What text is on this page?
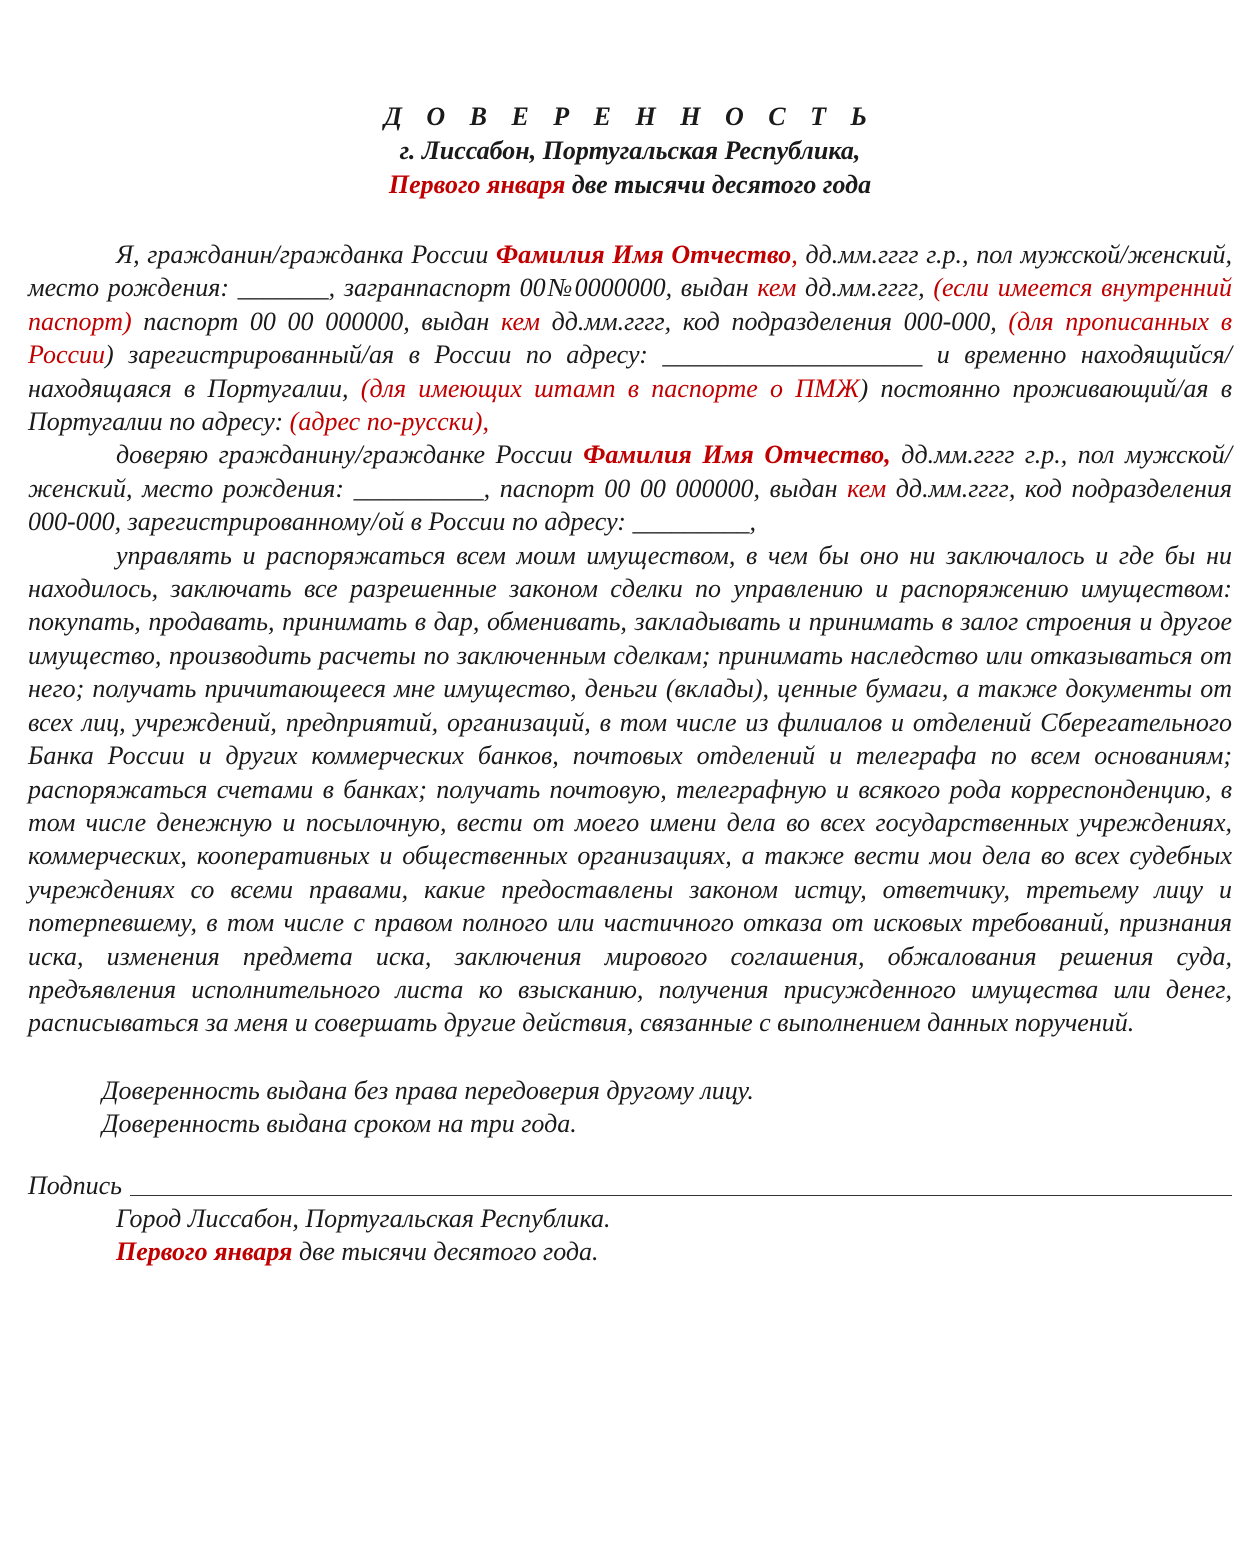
Д О В Е Р Е Н Н О С Т Ь
г. Лиссабон, Португальская Республика,
Первого января две тысячи десятого года

Я, гражданин/гражданка России Фамилия Имя Отчество, дд.мм.гггг г.р., пол мужской/женский, место рождения: _______, загранпаспорт 00№0000000, выдан кем дд.мм.гггг, (если имеется внутренний паспорт) паспорт 00 00 000000, выдан кем дд.мм.гггг, код подразделения 000-000, (для прописанных в России) зарегистрированный/ая в России по адресу: ____________________ и временно находящийся/находящаяся в Португалии, (для имеющих штамп в паспорте о ПМЖ) постоянно проживающий/ая в Португалии по адресу: (адрес по-русски),

доверяю гражданину/гражданке России Фамилия Имя Отчество, дд.мм.гггг г.р., пол мужской/женский, место рождения: __________, паспорт 00 00 000000, выдан кем дд.мм.гггг, код подразделения 000-000, зарегистрированному/ой в России по адресу: _________,

управлять и распоряжаться всем моим имуществом, в чем бы оно ни заключалось и где бы ни находилось, заключать все разрешенные законом сделки по управлению и распоряжению имуществом: покупать, продавать, принимать в дар, обменивать, закладывать и принимать в залог строения и другое имущество, производить расчеты по заключенным сделкам; принимать наследство или отказываться от него; получать причитающееся мне имущество, деньги (вклады), ценные бумаги, а также документы от всех лиц, учреждений, предприятий, организаций, в том числе из филиалов и отделений Сберегательного Банка России и других коммерческих банков, почтовых отделений и телеграфа по всем основаниям; распоряжаться счетами в банках; получать почтовую, телеграфную и всякого рода корреспонденцию, в том числе денежную и посылочную, вести от моего имени дела во всех государственных учреждениях, коммерческих, кооперативных и общественных организациях, а также вести мои дела во всех судебных учреждениях со всеми правами, какие предоставлены законом истцу, ответчику, третьему лицу и потерпевшему, в том числе с правом полного или частичного отказа от исковых требований, признания иска, изменения предмета иска, заключения мирового соглашения, обжалования решения суда, предъявления исполнительного листа ко взысканию, получения присужденного имущества или денег, расписываться за меня и совершать другие действия, связанные с выполнением данных поручений.

Доверенность выдана без права передоверия другому лицу.
Доверенность выдана сроком на три года.
Подпись
Город Лиссабон, Португальская Республика.
Первого января две тысячи десятого года.
